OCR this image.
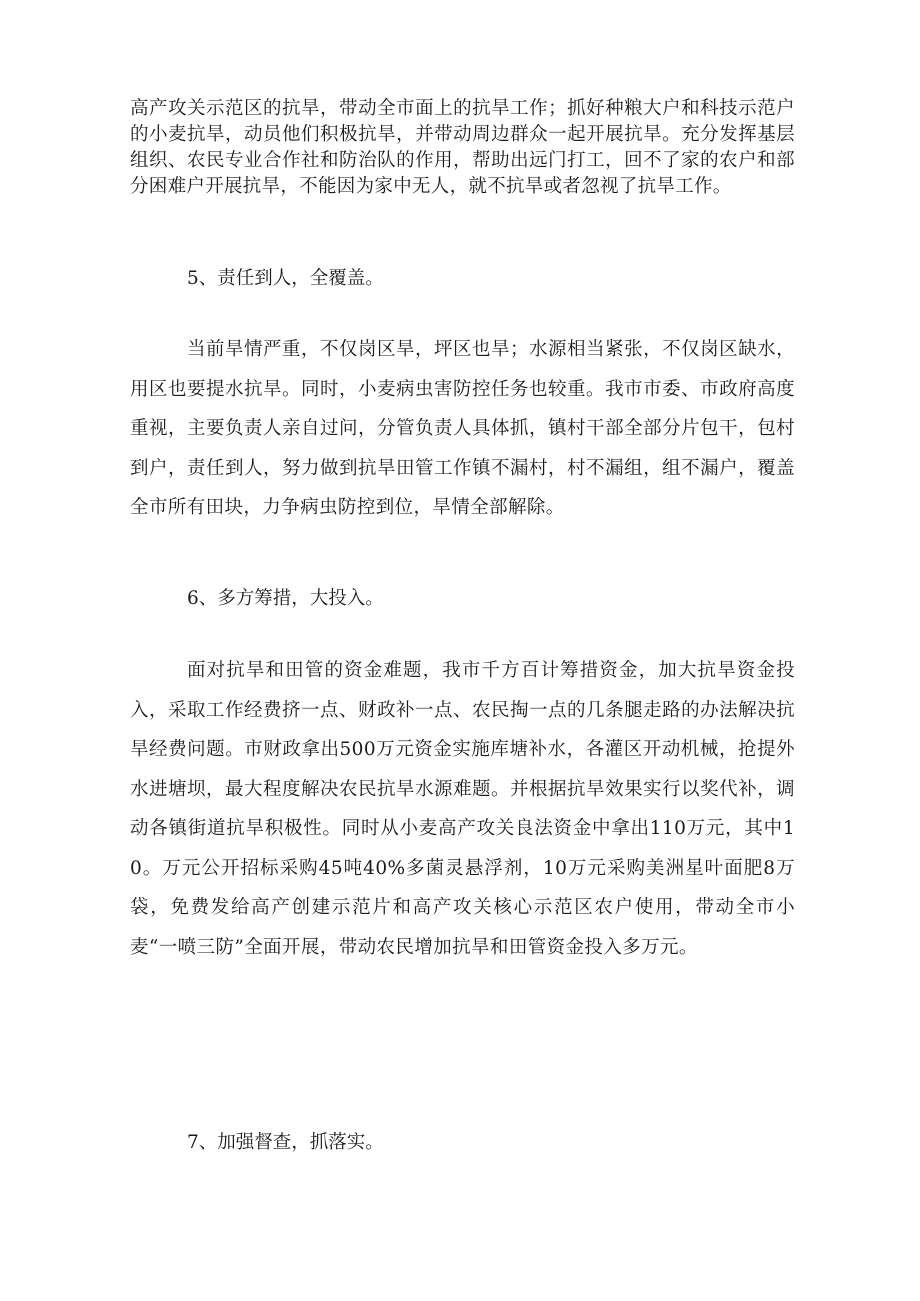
高产攻关示范区的抗旱，带动全市面上的抗旱工作；抓好种粮大户和科技示范户的小麦抗旱，动员他们积极抗旱，并带动周边群众一起开展抗旱。充分发挥基层组织、农民专业合作社和防治队的作用，帮助出远门打工，回不了家的农户和部分困难户开展抗旱，不能因为家中无人，就不抗旱或者忽视了抗旱工作。

5、责任到人，全覆盖。

当前旱情严重，不仅岗区旱，坪区也旱；水源相当紧张，不仅岗区缺水，用区也要提水抗旱。同时，小麦病虫害防控任务也较重。我市市委、市政府高度重视，主要负责人亲自过问，分管负责人具体抓，镇村干部全部分片包干，包村到户，责任到人，努力做到抗旱田管工作镇不漏村，村不漏组，组不漏户，覆盖全市所有田块，力争病虫防控到位，旱情全部解除。

6、多方筹措，大投入。

面对抗旱和田管的资金难题，我市千方百计筹措资金，加大抗旱资金投入，采取工作经费挤一点、财政补一点、农民掏一点的几条腿走路的办法解决抗旱经费问题。市财政拿出500万元资金实施库塘补水，各灌区开动机械，抢提外水进塘坝，最大程度解决农民抗旱水源难题。并根据抗旱效果实行以奖代补，调动各镇街道抗旱积极性。同时从小麦高产攻关良法资金中拿出110万元，其中10。万元公开招标采购45吨40%多菌灵悬浮剂，10万元采购美洲星叶面肥8万袋，免费发给高产创建示范片和高产攻关核心示范区农户使用，带动全市小麦“一喷三防”全面开展，带动农民增加抗旱和田管资金投入多万元。

7、加强督查，抓落实。
